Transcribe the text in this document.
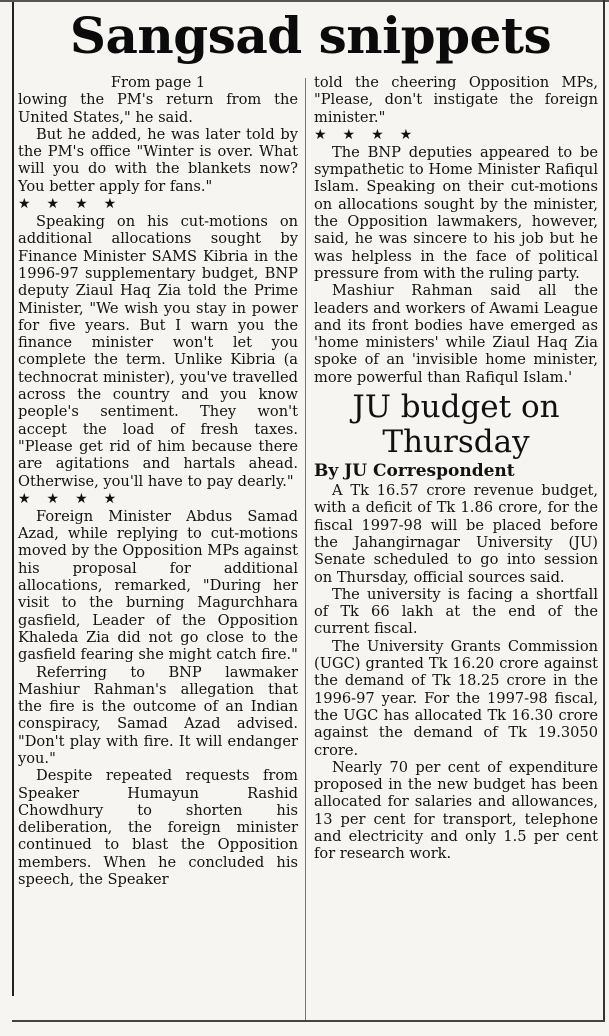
Sangsad snippets

From page 1

lowing the PM's return from the United States," he said.

But he added, he was later told by the PM's office "Winter is over. What will you do with the blankets now? You better apply for fans."

★★★★

Speaking on his cut-motions on additional allocations sought by Finance Minister SAMS Kibria in the 1996-97 supplementary budget, BNP deputy Ziaul Haq Zia told the Prime Minister, "We wish you stay in power for five years. But I warn you the finance minister won't let you complete the term. Unlike Kibria (a technocrat minister), you've travelled across the country and you know people's sentiment. They won't accept the load of fresh taxes. "Please get rid of him because there are agitations and hartals ahead. Otherwise, you'll have to pay dearly."

★★★★

Foreign Minister Abdus Samad Azad, while replying to cut-motions moved by the Opposition MPs against his proposal for additional allocations, remarked, "During her visit to the burning Magurchhara gasfield, Leader of the Opposition Khaleda Zia did not go close to the gasfield fearing she might catch fire."

Referring to BNP lawmaker Mashiur Rahman's allegation that the fire is the outcome of an Indian conspiracy, Samad Azad advised. "Don't play with fire. It will endanger you."

Despite repeated requests from Speaker Humayun Rashid Chowdhury to shorten his deliberation, the foreign minister continued to blast the Opposition members. When he concluded his speech, the Speaker

told the cheering Opposition MPs, "Please, don't instigate the foreign minister."

★★★★

The BNP deputies appeared to be sympathetic to Home Minister Rafiqul Islam. Speaking on their cut-motions on allocations sought by the minister, the Opposition lawmakers, however, said, he was sincere to his job but he was helpless in the face of political pressure from with the ruling party.

Mashiur Rahman said all the leaders and workers of Awami League and its front bodies have emerged as 'home ministers' while Ziaul Haq Zia spoke of an 'invisible home minister, more powerful than Rafiqul Islam.'

JU budget on Thursday

By JU Correspondent

A Tk 16.57 crore revenue budget, with a deficit of Tk 1.86 crore, for the fiscal 1997-98 will be placed before the Jahangirnagar University (JU) Senate scheduled to go into session on Thursday, official sources said.

The university is facing a shortfall of Tk 66 lakh at the end of the current fiscal.

The University Grants Commission (UGC) granted Tk 16.20 crore against the demand of Tk 18.25 crore in the 1996-97 year. For the 1997-98 fiscal, the UGC has allocated Tk 16.30 crore against the demand of Tk 19.3050 crore.

Nearly 70 per cent of expenditure proposed in the new budget has been allocated for salaries and allowances, 13 per cent for transport, telephone and electricity and only 1.5 per cent for research work.
